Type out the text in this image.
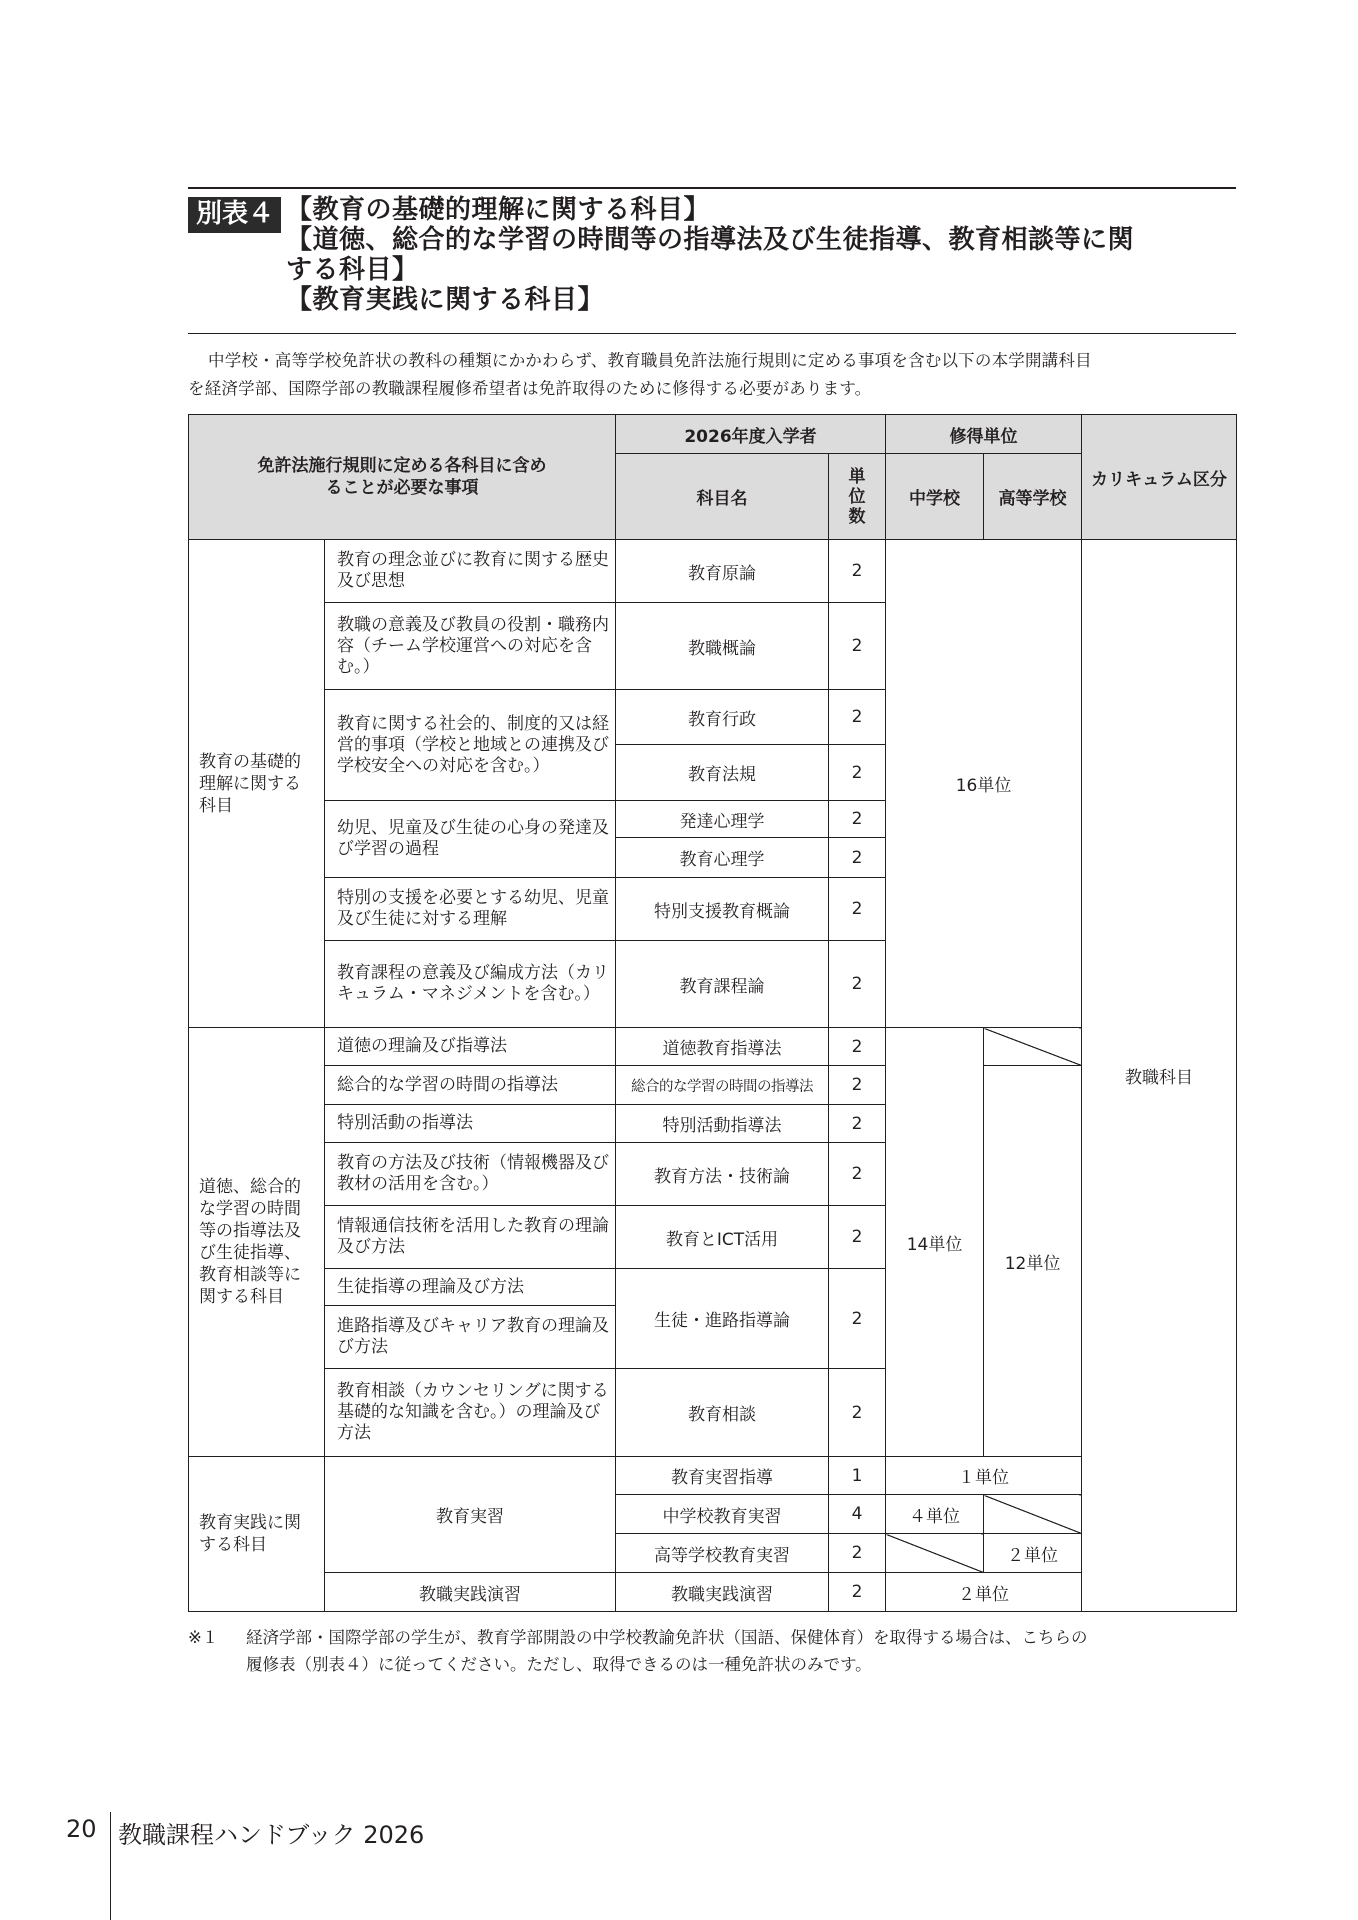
別表４ 【教育の基礎的理解に関する科目】
【道徳、総合的な学習の時間等の指導法及び生徒指導、教育相談等に関
する科目】
【教育実践に関する科目】
中学校・高等学校免許状の教科の種類にかかわらず、教育職員免許法施行規則に定める事項を含む以下の本学開講科目
を経済学部、国際学部の教職課程履修希望者は免許取得のために修得する必要があります。
免許法施行規則に定める各科目に含めることが必要な事項		2026年度入学者		修得単位		カリキュラム区分
		科目名	単
位
数	中学校	高等学校	

教育の基礎的理解に関する科目	教育の理念並びに教育に関する歴史及び思想	教育原論	2	16単位		教職科目
	教職の意義及び教員の役割・職務内容（チーム学校運営への対応を含む。）	教職概論	2			
	教育に関する社会的、制度的又は経営的事項（学校と地域との連携及び学校安全への対応を含む。）	教育行政	2			
		教育法規	2			
	幼児、児童及び生徒の心身の発達及び学習の過程	発達心理学	2			
		教育心理学	2			
	特別の支援を必要とする幼児、児童及び生徒に対する理解	特別支援教育概論	2			
	教育課程の意義及び編成方法（カリキュラム・マネジメントを含む。）	教育課程論	2			

道徳、総合的な学習の時間等の指導法及び生徒指導、教育相談等に関する科目	道徳の理論及び指導法	道徳教育指導法	2	14単位		
	総合的な学習の時間の指導法	総合的な学習の時間の指導法	2		12単位	
	特別活動の指導法	特別活動指導法	2			
	教育の方法及び技術（情報機器及び教材の活用を含む。）	教育方法・技術論	2			
	情報通信技術を活用した教育の理論及び方法	教育とICT活用	2			
	生徒指導の理論及び方法	生徒・進路指導論	2			
	進路指導及びキャリア教育の理論及び方法					
	教育相談（カウンセリングに関する基礎的な知識を含む。）の理論及び方法	教育相談	2			

教育実践に関する科目	教育実習	教育実習指導	1	１単位		
		中学校教育実習	4	４単位		
		高等学校教育実習	2		２単位	
	教職実践演習	教職実践演習	2	２単位		
※１ 経済学部・国際学部の学生が、教育学部開設の中学校教諭免許状（国語、保健体育）を取得する場合は、こちらの
履修表（別表４）に従ってください。ただし、取得できるのは一種免許状のみです。
20 教職課程ハンドブック 2026
